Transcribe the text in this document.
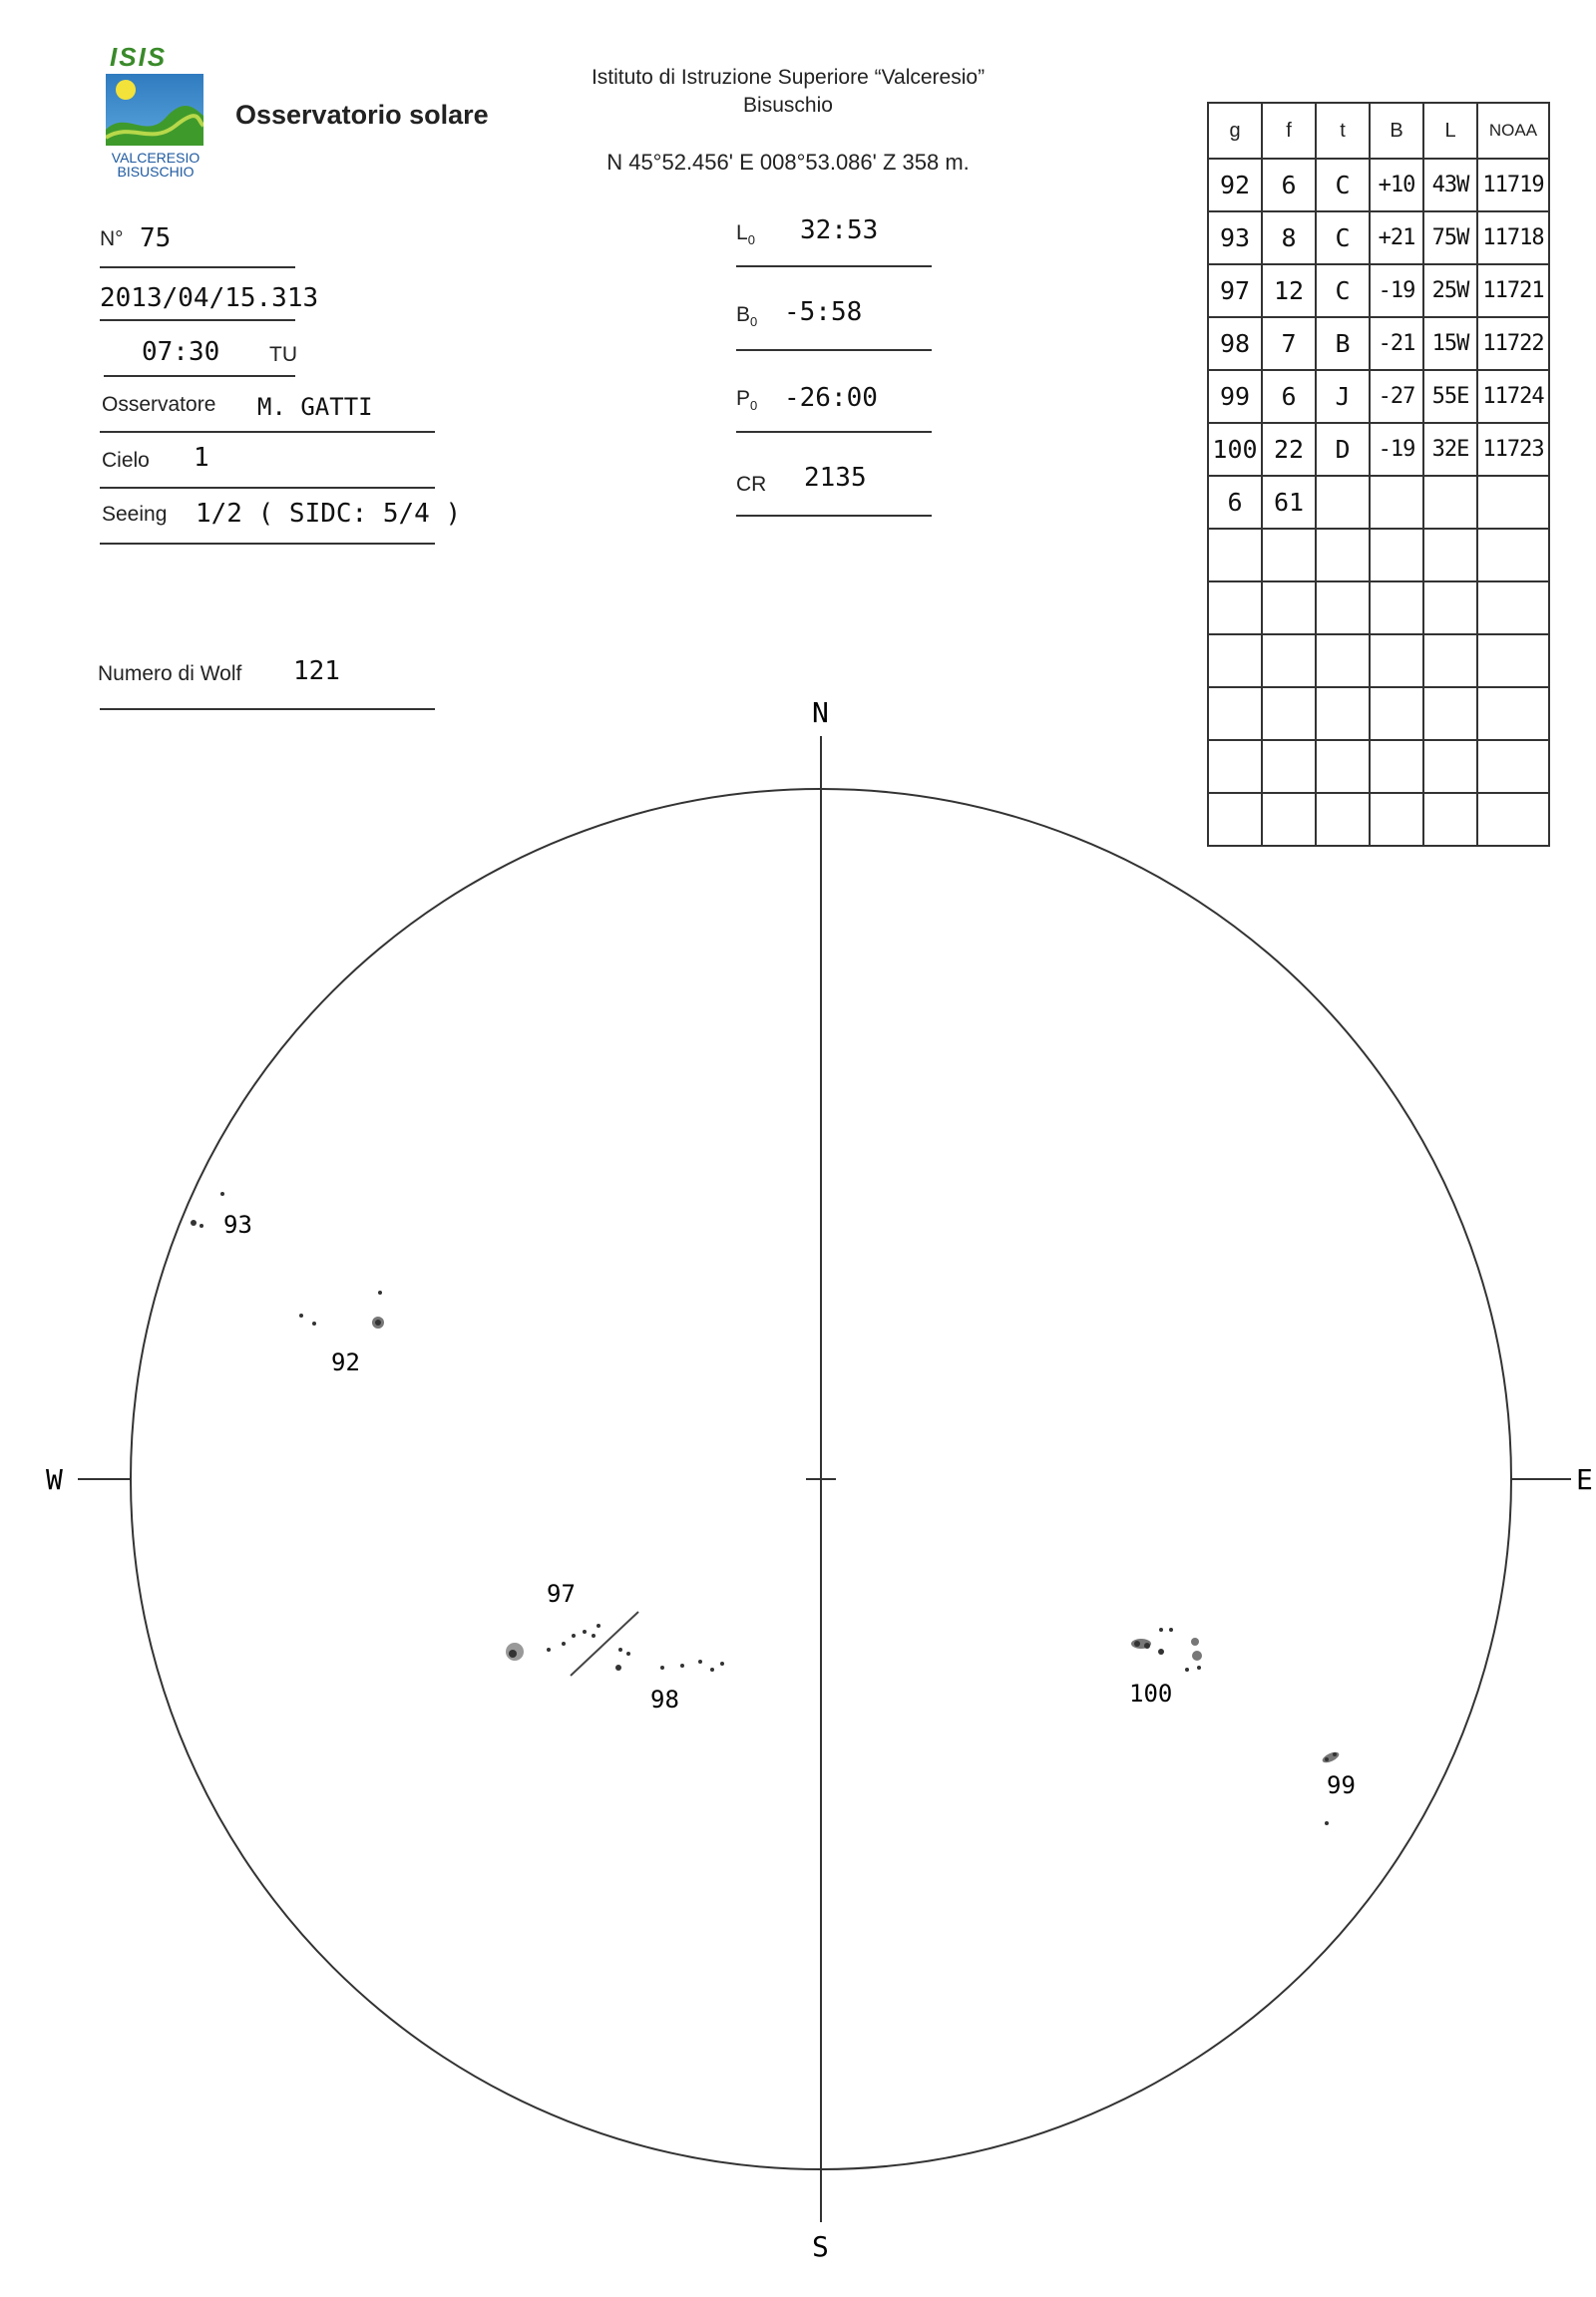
ISIS
VALCERESIO
BISUSCHIO
Osservatorio solare
Istituto di Istruzione Superiore “Valceresio”
Bisuschio
N 45°52.456' E 008°53.086' Z 358 m.
N° 75
2013/04/15.313
07:30 TU
Osservatore M. GATTI
Cielo 1
Seeing 1/2 ( SIDC: 5/4 )
Numero di Wolf 121
$L_0$ 32:53
$B_0$ -5:58
$P_0$ -26:00
CR 2135
g	f	t	B	L	NOAA
92	6	C	+10	43W	11719
93	8	C	+21	75W	11718
97	12	C	-19	25W	11721
98	7	B	-21	15W	11722
99	6	J	-27	55E	11724
100	22	D	-19	32E	11723
6	61				

N
S
W	E
93
92
97
98	100
99
